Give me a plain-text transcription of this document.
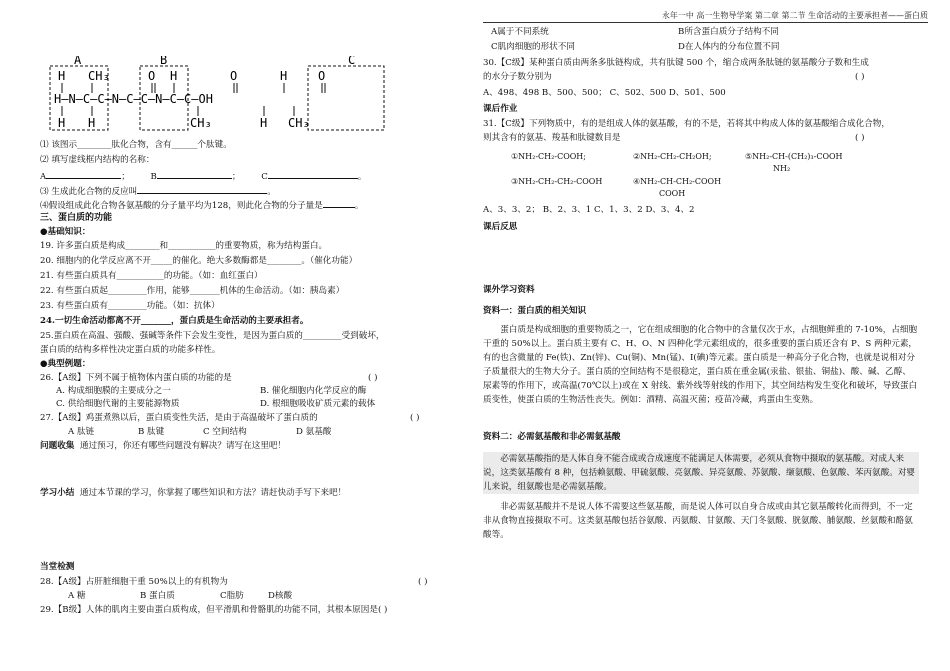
永年一中 高一生物导学案 第二章 第二节 生命活动的主要承担者——蛋白质
H—N—C—C—N—C—C—N—C—C—OH
H CH₃	O H	O	H	O
H H	CH₃	H CH₃
A	B	C
⑴ 该图示________肽化合物，含有______个肽键。
⑵ 填写虚线框内结构的名称：
A	； B	； C	。
⑶ 生成此化合物的反应叫	。
⑷假设组成此化合物各氨基酸的分子量平均为128，则此化合物的分子量是	。
三、蛋白质的功能
●基础知识：
19. 许多蛋白质是构成________和___________的重要物质，称为结构蛋白。
20. 细胞内的化学反应离不开_____的催化。绝大多数酶都是________。（催化功能）
21. 有些蛋白质具有___________的功能。（如：血红蛋白）
22. 有些蛋白质起_________作用，能够_______机体的生命活动。（如：胰岛素）
23. 有些蛋白质有_________功能。（如：抗体）
24.一切生命活动都离不开_______，蛋白质是生命活动的主要承担者。
25.蛋白质在高温、强酸、强碱等条件下会发生变性，是因为蛋白质的_________受到破坏，
蛋白质的结构多样性决定蛋白质的功能多样性。
●典型例题：
26.【A级】下列不属于植物体内蛋白质的功能的是	( )
A. 构成细胞膜的主要成分之一	B. 催化细胞内化学反应的酶
C. 供给细胞代谢的主要能源物质	D. 根细胞吸收矿质元素的载体
27.【A级】鸡蛋煮熟以后，蛋白质变性失活，是由于高温破坏了蛋白质的	( )
A 肽链	B 肽键	C 空间结构	D 氨基酸
问题收集 通过预习，你还有哪些问题没有解决？请写在这里吧！
学习小结 通过本节课的学习，你掌握了哪些知识和方法？请赶快动手写下来吧！
当堂检测
28.【A级】占肝脏细胞干重 50%以上的有机物为	( )
A 糖	B 蛋白质	C脂肪	D核酸
29.【B级】人体的肌肉主要由蛋白质构成，但平滑肌和骨骼肌的功能不同，其根本原因是( )
A属于不同系统	B所含蛋白质分子结构不同
C肌肉细胞的形状不同	D在人体内的分布位置不同
30.【C级】某种蛋白质由两条多肽链构成，共有肽键 500 个，缩合成两条肽链的氨基酸分子数和生成
的水分子数分别为	( )
A、498、498 B、500、500； C、502、500 D、501、500
课后作业
31.【C级】下列物质中，有的是组成人体的氨基酸，有的不是，若将其中构成人体的氨基酸缩合成化合物，
则其含有的氨基、羧基和肽键数目是	( )
①NH₂-CH₂-COOH;	②NH₂-CH₂-CH₂OH;	⑤NH₂-CH-(CH₂)₃-COOH
NH₂
③NH₂-CH₂-CH₂-COOH	④NH₂-CH-CH₂-COOH
COOH
A、3、3、2； B、2、3、1 C、1、3、2 D、3、4、2
课后反思
课外学习资料
资料一：蛋白质的相关知识
蛋白质是构成细胞的重要物质之一，它在组成细胞的化合物中的含量仅次于水，占细胞鲜重的 7-10%，占细胞干重的 50%以上。蛋白质主要有 C、H、O、N 四种化学元素组成的，很多重要的蛋白质还含有 P、S 两种元素，有的也含微量的 Fe(铁)、Zn(锌)、Cu(铜)、Mn(锰)、I(碘)等元素。蛋白质是一种高分子化合物，也就是说相对分子质量很大的生物大分子。蛋白质的空间结构不是很稳定，蛋白质在重金属(汞盐、银盐、铜盐)、酸、碱、乙醇、尿素等的作用下，或高温(70℃以上)或在 X 射线、紫外线等射线的作用下，其空间结构发生变化和破坏，导致蛋白质变性，使蛋白质的生物活性丧失。例如：酒精、高温灭菌；疫苗冷藏，鸡蛋由生变熟。
资料二：必需氨基酸和非必需氨基酸
必需氨基酸指的是人体自身不能合成或合成速度不能满足人体需要，必须从食物中摄取的氨基酸。对成人来说，这类氨基酸有 8 种，包括赖氨酸、甲硫氨酸、亮氨酸、异亮氨酸、苏氨酸、缬氨酸、色氨酸、苯丙氨酸。对婴儿来说，组氨酸也是必需氨基酸。
非必需氨基酸并不是说人体不需要这些氨基酸，而是说人体可以自身合成或由其它氨基酸转化而得到，不一定非从食物直接摄取不可。这类氨基酸包括谷氨酸、丙氨酸、甘氨酸、天门冬氨酸、胱氨酸、脯氨酸、丝氨酸和酪氨酸等。
